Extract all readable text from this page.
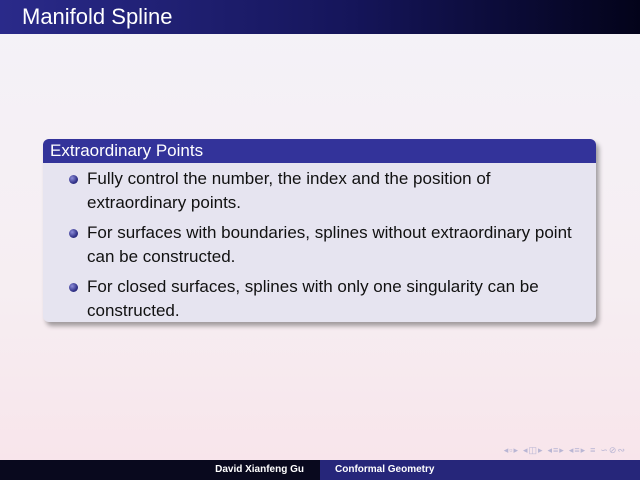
Manifold Spline
Extraordinary Points
Fully control the number, the index and the position of extraordinary points.
For surfaces with boundaries, splines without extraordinary point can be constructed.
For closed surfaces, splines with only one singularity can be constructed.
◂▫▸ ◂◫▸ ◂≡▸ ◂≡▸ ≡ ∽⊘∾
David Xianfeng Gu	Conformal Geometry
